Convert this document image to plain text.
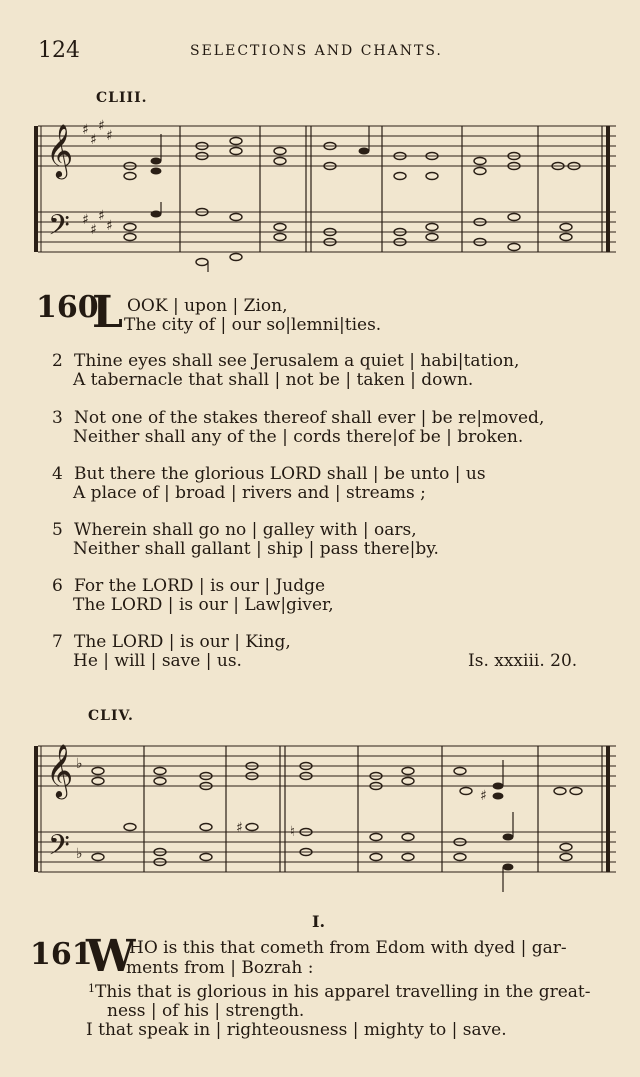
124	SELECTIONS AND CHANTS.
CLIII.
𝄞
𝄢
♯
♯
♯
♯
♯
♯
♯
♯
160
L OOK | upon | Zion,
The city of | our so|lemni|ties.
2 Thine eyes shall see Jerusalem a quiet | habi|tation,
A tabernacle that shall | not be | taken | down.
3 Not one of the stakes thereof shall ever | be re|moved,
Neither shall any of the | cords there|of be | broken.
4 But there the glorious LORD shall | be unto | us
A place of | broad | rivers and | streams ;
5 Wherein shall go no | galley with | oars,
Neither shall gallant | ship | pass there|by.
6 For the LORD | is our | Judge
The LORD | is our | Law|giver,
7 The LORD | is our | King,
He | will | save | us.	Is. xxxiii. 20.
CLIV.
𝄞
𝄢
♭
♭
♯
♯	♮
I.
161
W
HO is this that cometh from Edom with dyed | gar-
ments from | Bozrah :
1 This that is glorious in his apparel travelling in the great-
ness | of his | strength.
I that speak in | righteousness | mighty to | save.
